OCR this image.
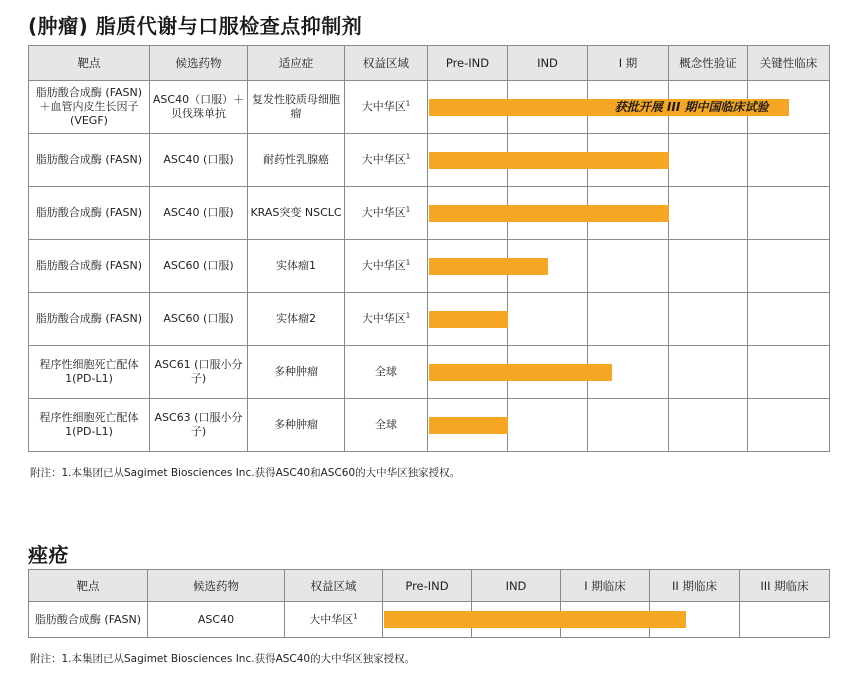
(肿瘤) 脂质代谢与口服检查点抑制剂
靶点	候选药物	适应症	权益区域	Pre-IND	IND	I 期	概念性验证	关键性临床
脂肪酸合成酶 (FASN)＋血管内皮生长因子(VEGF)	ASC40（口服）＋贝伐珠单抗	复发性胶质母细胞瘤	大中华区$^1$					
脂肪酸合成酶 (FASN)	ASC40 (口服)	耐药性乳腺癌	大中华区$^1$					
脂肪酸合成酶 (FASN)	ASC40 (口服)	KRAS突变 NSCLC	大中华区$^1$					
脂肪酸合成酶 (FASN)	ASC60 (口服)	实体瘤1	大中华区$^1$					
脂肪酸合成酶 (FASN)	ASC60 (口服)	实体瘤2	大中华区$^1$					
程序性细胞死亡配体1(PD-L1)	ASC61 (口服小分子)	多种肿瘤	全球					
程序性细胞死亡配体1(PD-L1)	ASC63 (口服小分子)	多种肿瘤	全球					
附注：1.本集团已从Sagimet Biosciences Inc.获得ASC40和ASC60的大中华区独家授权。
痤疮
靶点	候选药物	权益区域	Pre-IND	IND	I 期临床	II 期临床	III 期临床
脂肪酸合成酶 (FASN)	ASC40	大中华区$^1$					
附注：1.本集团已从Sagimet Biosciences Inc.获得ASC40的大中华区独家授权。
获批开展 III 期中国临床试验
